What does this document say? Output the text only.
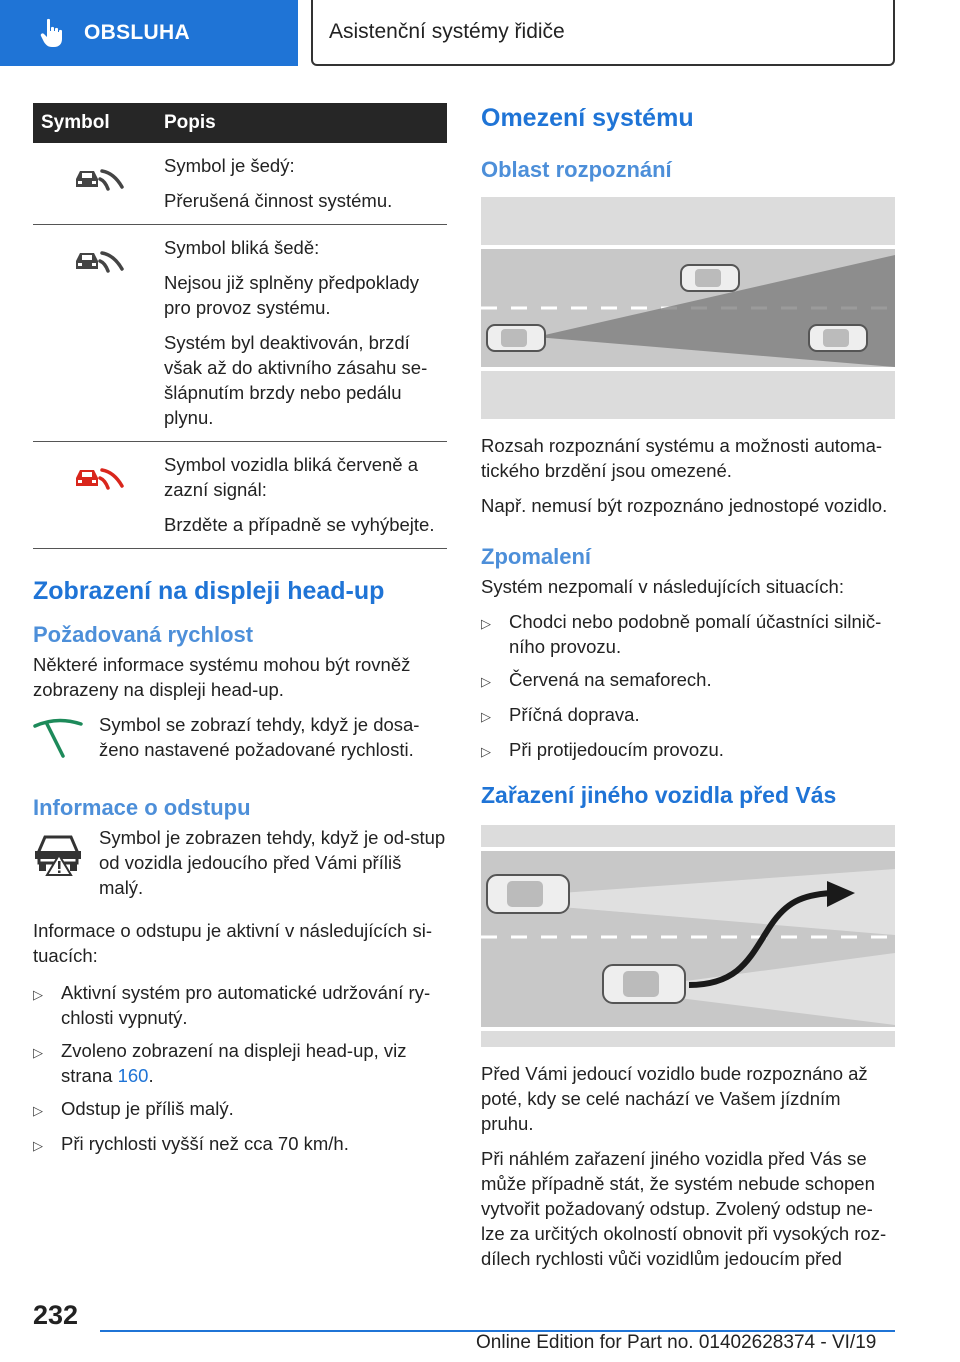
OBSLUHA	Asistenční systémy řidiče
Symbol	Popis

Symbol je šedý:

Přerušená činnost systému.

Symbol bliká šedě:

Nejsou již splněny předpoklady pro provoz systému.

Systém byl deaktivován, brzdí však až do aktivního zásahu se-šlápnutím brzdy nebo pedálu plynu.

Symbol vozidla bliká červeně a zazní signál:

Brzděte a případně se vyhýbejte.

Zobrazení na displeji head-up
Požadovaná rychlost

Některé informace systému mohou být rovněž zobrazeny na displeji head-up.

Symbol se zobrazí tehdy, když je dosa-ženo nastavené požadované rychlosti.

Informace o odstupu

Symbol je zobrazen tehdy, když je od-stup od vozidla jedoucího před Vámi příliš malý.

Informace o odstupu je aktivní v následujících si-tuacích:

▷ Aktivní systém pro automatické udržování ry-chlosti vypnutý.
▷ Zvoleno zobrazení na displeji head-up, viz strana 160.
▷ Odstup je příliš malý.
▷ Při rychlosti vyšší než cca 70 km/h.
Omezení systému
Oblast rozpoznání

Rozsah rozpoznání systému a možnosti automa-tického brzdění jsou omezené.

Např. nemusí být rozpoznáno jednostopé vozidlo.

Zpomalení

Systém nezpomalí v následujících situacích:

▷ Chodci nebo podobně pomalí účastníci silnič-ního provozu.
▷ Červená na semaforech.
▷ Příčná doprava.
▷ Při protijedoucím provozu.
Zařazení jiného vozidla před Vás

Před Vámi jedoucí vozidlo bude rozpoznáno až poté, kdy se celé nachází ve Vašem jízdním pruhu.

Při náhlém zařazení jiného vozidla před Vás se může případně stát, že systém nebude schopen vytvořit požadovaný odstup. Zvolený odstup ne-lze za určitých okolností obnovit při vysokých roz-dílech rychlosti vůči vozidlům jedoucím před

232
Online Edition for Part no. 01402628374 - VI/19
